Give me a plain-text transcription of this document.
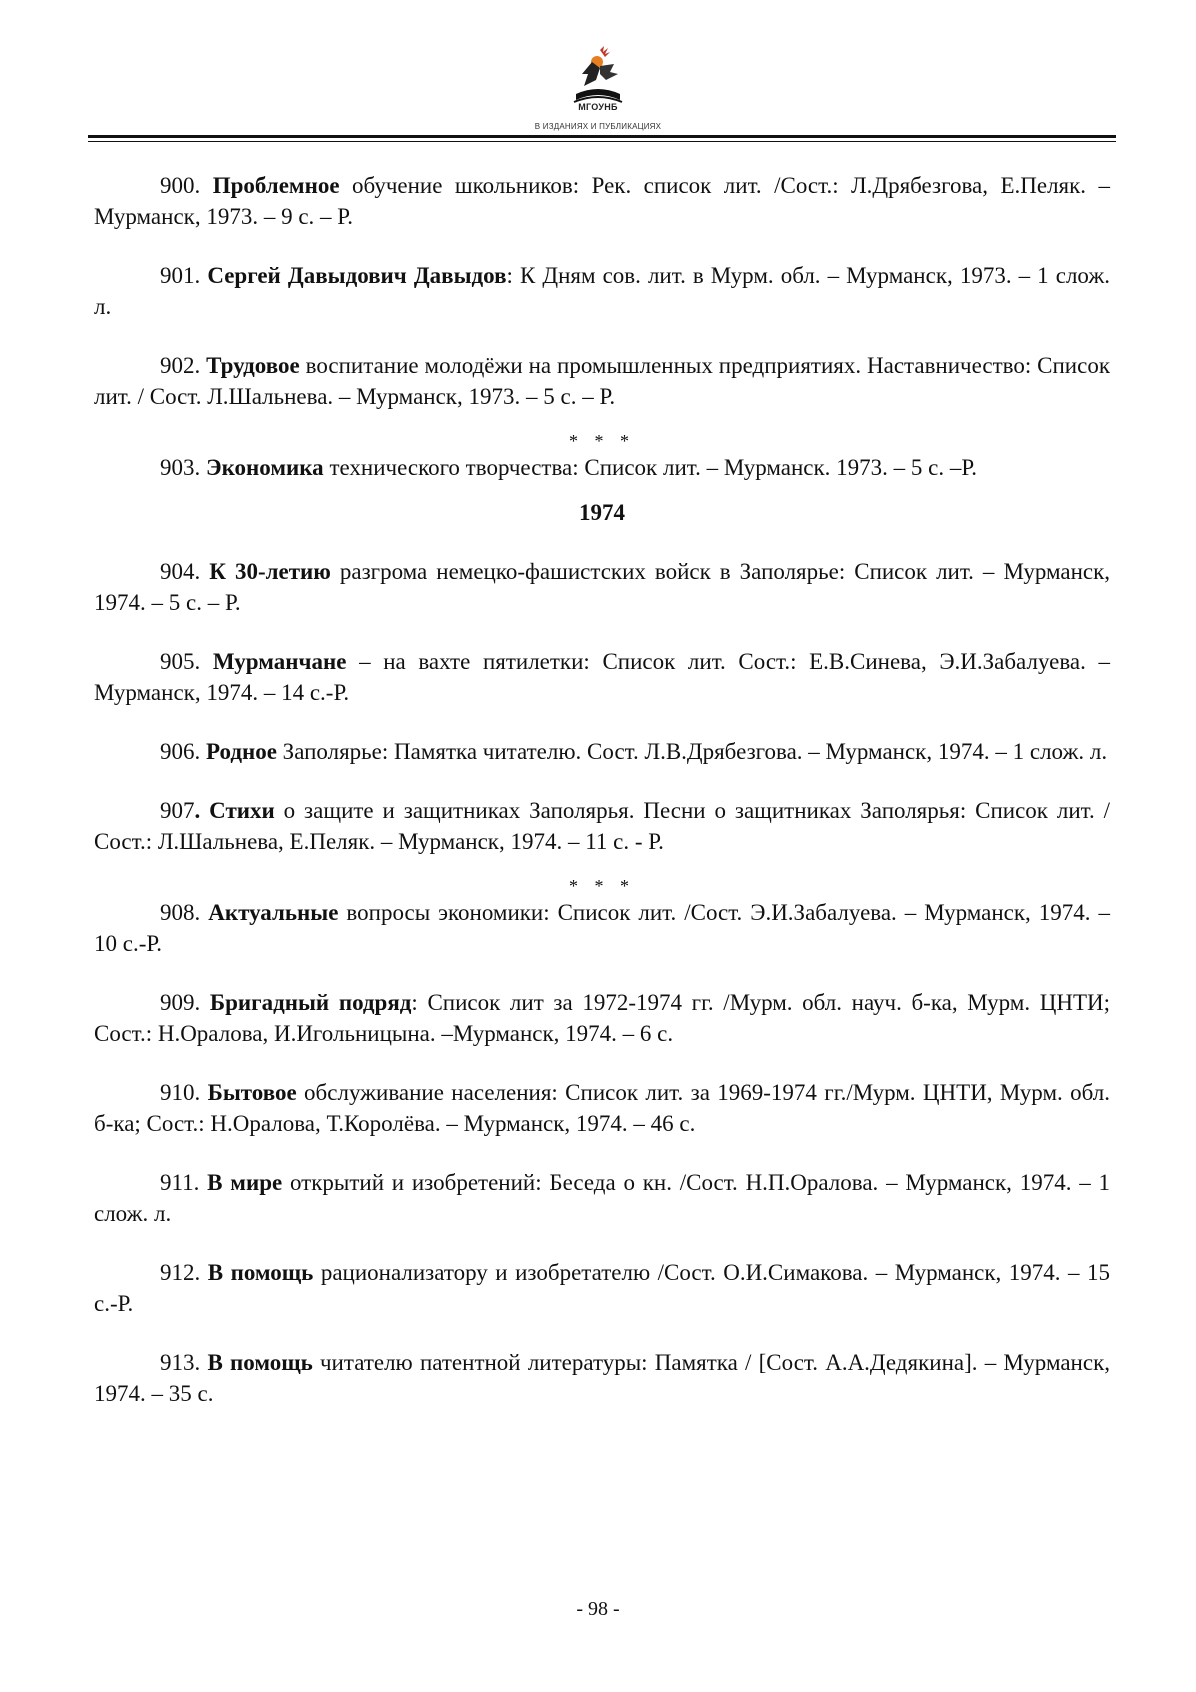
МГОУНБ
В ИЗДАНИЯХ И ПУБЛИКАЦИЯХ

900. Проблемное обучение школьников: Рек. список лит. /Сост.: Л.Дрябезгова, Е.Пеляк. – Мурманск, 1973. – 9 с. – Р.

901. Сергей Давыдович Давыдов: К Дням сов. лит. в Мурм. обл. – Мурманск, 1973. – 1 слож. л.

902. Трудовое воспитание молодёжи на промышленных предприятиях. Наставничество: Список лит. / Сост. Л.Шальнева. – Мурманск, 1973. – 5 с. – Р.

* * *

903. Экономика технического творчества: Список лит. – Мурманск. 1973. – 5 с. –Р.

1974

904. К 30-летию разгрома немецко-фашистских войск в Заполярье: Список лит. – Мурманск, 1974. – 5 с. – Р.

905. Мурманчане – на вахте пятилетки: Список лит. Сост.: Е.В.Синева, Э.И.Забалуева. – Мурманск, 1974. – 14 с.-Р.

906. Родное Заполярье: Памятка читателю. Сост. Л.В.Дрябезгова. – Мурманск, 1974. – 1 слож. л.

907. Стихи о защите и защитниках Заполярья. Песни о защитниках Заполярья: Список лит. /Сост.: Л.Шальнева, Е.Пеляк. – Мурманск, 1974. – 11 с. - Р.

* * *

908. Актуальные вопросы экономики: Список лит. /Сост. Э.И.Забалуева. – Мурманск, 1974. – 10 с.-Р.

909. Бригадный подряд: Список лит за 1972-1974 гг. /Мурм. обл. науч. б-ка, Мурм. ЦНТИ; Сост.: Н.Оралова, И.Игольницына. –Мурманск, 1974. – 6 с.

910. Бытовое обслуживание населения: Список лит. за 1969-1974 гг./Мурм. ЦНТИ, Мурм. обл. б-ка; Сост.: Н.Оралова, Т.Королёва. – Мурманск, 1974. – 46 с.

911. В мире открытий и изобретений: Беседа о кн. /Сост. Н.П.Оралова. – Мурманск, 1974. – 1 слож. л.

912. В помощь рационализатору и изобретателю /Сост. О.И.Симакова. – Мурманск, 1974. – 15 с.-Р.

913. В помощь читателю патентной литературы: Памятка / [Сост. А.А.Дедякина]. – Мурманск, 1974. – 35 с.

- 98 -
